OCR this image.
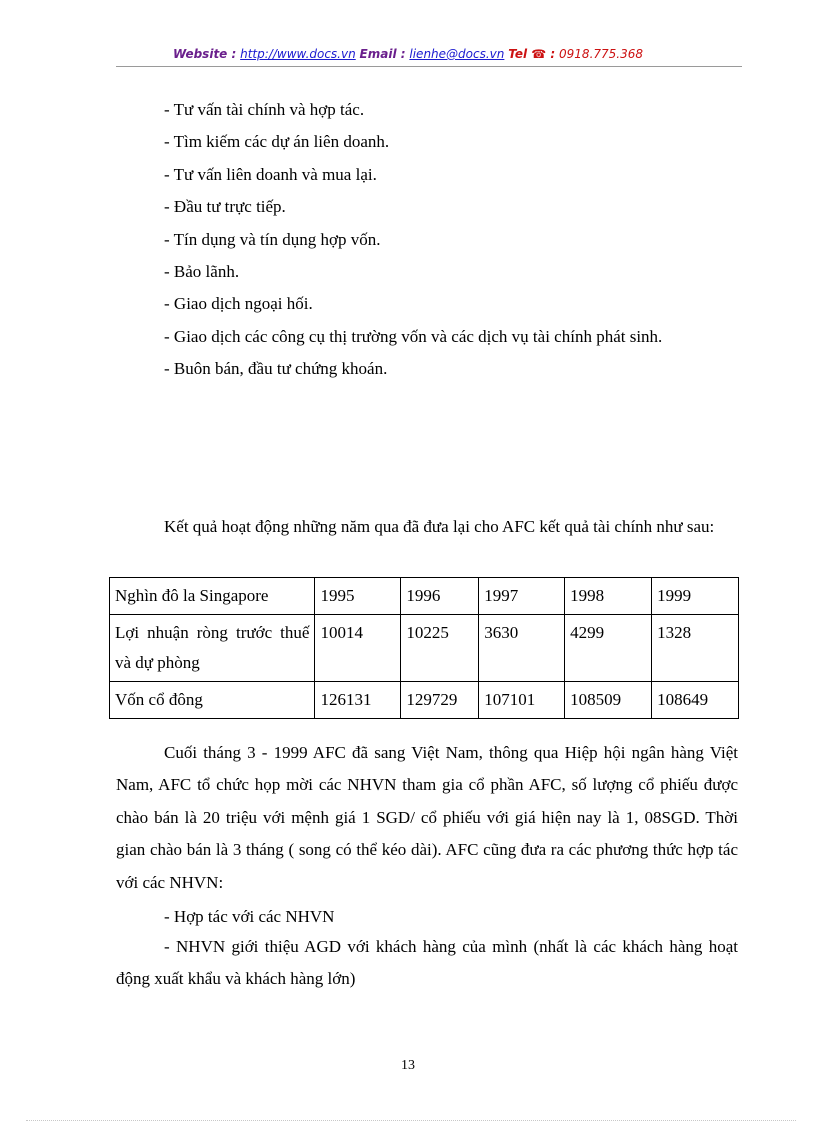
Website : http://www.docs.vn Email : lienhe@docs.vn Tel ☎ : 0918.775.368
- Tư vấn tài chính và hợp tác.
- Tìm kiếm các dự án liên doanh.
- Tư vấn liên doanh và mua lại.
- Đầu tư trực tiếp.
- Tín dụng và tín dụng hợp vốn.
- Bảo lãnh.
- Giao dịch ngoại hối.
- Giao dịch các công cụ thị trường vốn và các dịch vụ tài chính phát sinh.
- Buôn bán, đầu tư chứng khoán.
Kết quả hoạt động những năm qua đã đưa lại cho AFC kết quả tài chính như sau:
Nghìn đô la Singapore	1995	1996	1997	1998	1999
Lợi nhuận ròng trước thuế và dự phòng	10014	10225	3630	4299	1328
Vốn cổ đông	126131	129729	107101	108509	108649
Cuối tháng 3 - 1999 AFC đã sang Việt Nam, thông qua Hiệp hội ngân hàng Việt Nam, AFC tổ chức họp mời các NHVN tham gia cổ phần AFC, số lượng cổ phiếu được chào bán là 20 triệu với mệnh giá 1 SGD/ cổ phiếu với giá hiện nay là 1, 08SGD. Thời gian chào bán là 3 tháng ( song có thể kéo dài). AFC cũng đưa ra các phương thức hợp tác với các NHVN:
- Hợp tác với các NHVN
- NHVN giới thiệu AGD với khách hàng của mình (nhất là các khách hàng hoạt động xuất khẩu và khách hàng lớn)
13
